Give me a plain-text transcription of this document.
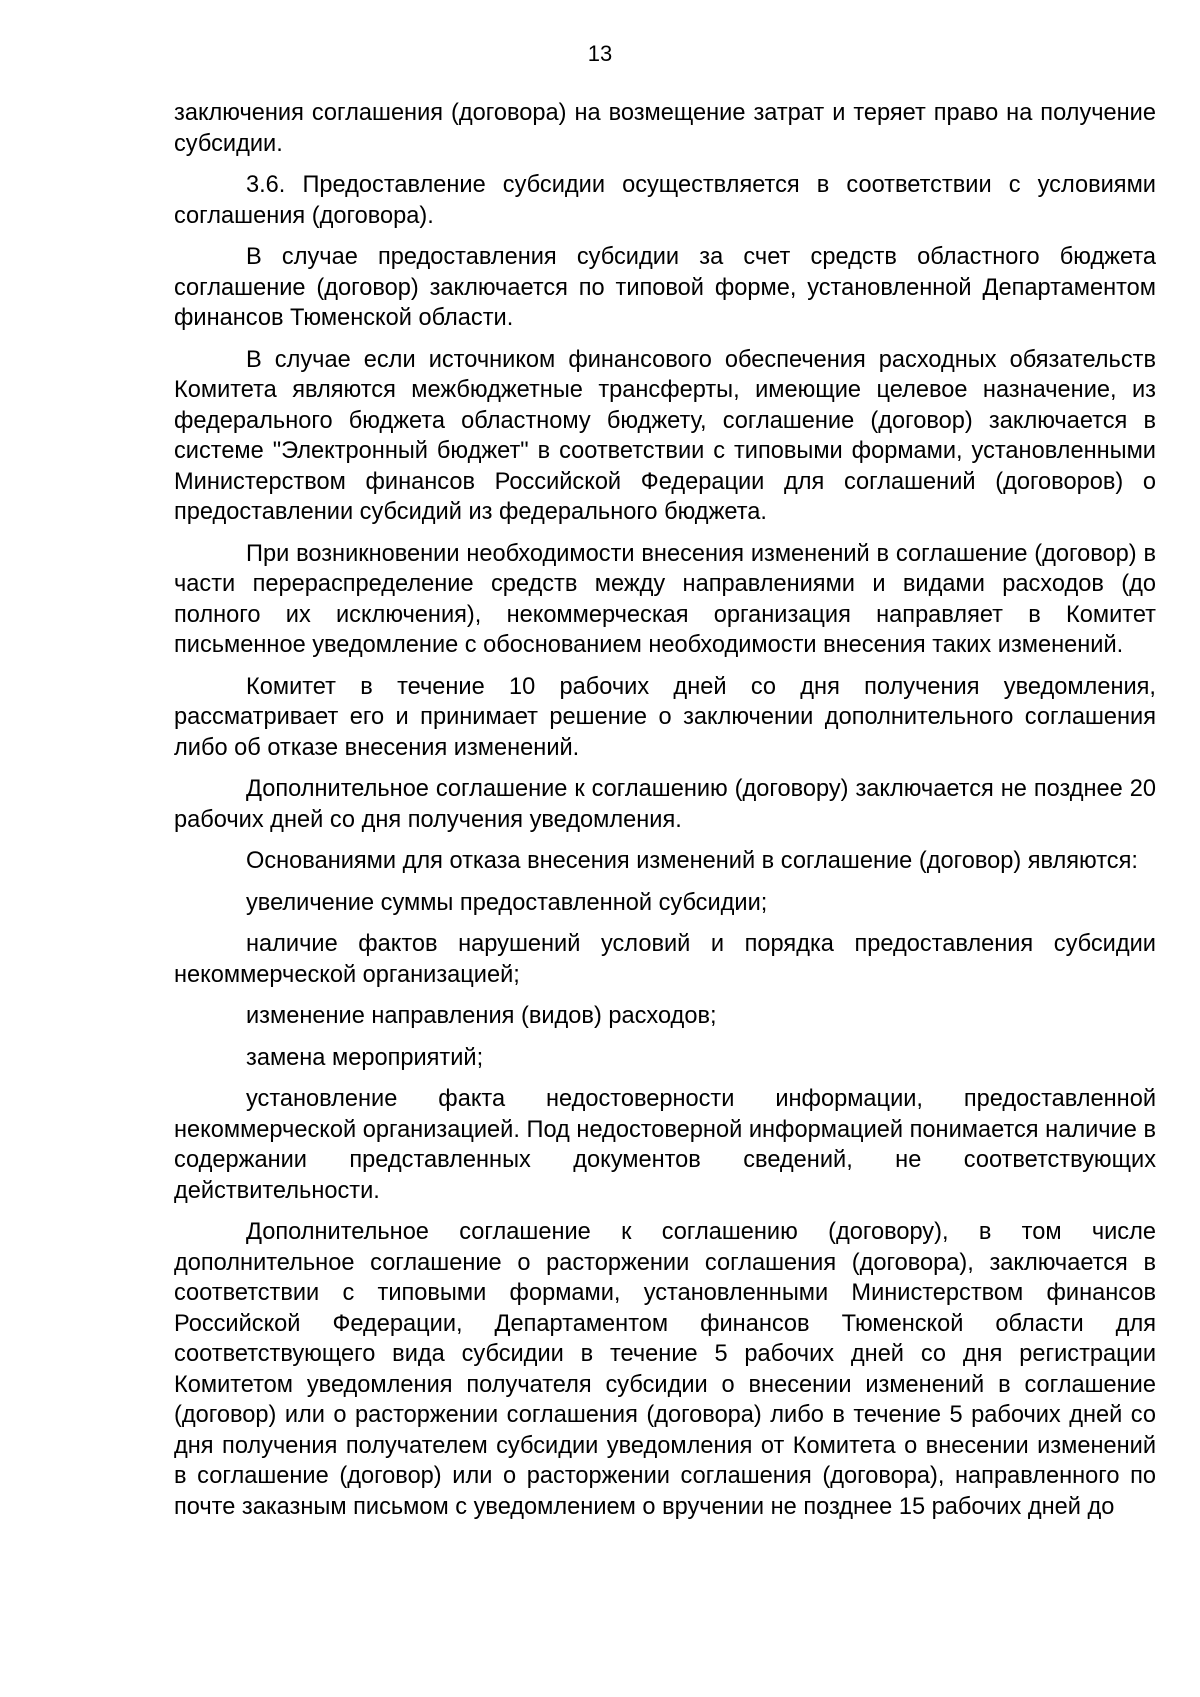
13

заключения соглашения (договора) на возмещение затрат и теряет право на получение субсидии.

3.6. Предоставление субсидии осуществляется в соответствии с условиями соглашения (договора).

В случае предоставления субсидии за счет средств областного бюджета соглашение (договор) заключается по типовой форме, установленной Департаментом финансов Тюменской области.

В случае если источником финансового обеспечения расходных обязательств Комитета являются межбюджетные трансферты, имеющие целевое назначение, из федерального бюджета областному бюджету, соглашение (договор) заключается в системе "Электронный бюджет" в соответствии с типовыми формами, установленными Министерством финансов Российской Федерации для соглашений (договоров) о предоставлении субсидий из федерального бюджета.

При возникновении необходимости внесения изменений в соглашение (договор) в части перераспределение средств между направлениями и видами расходов (до полного их исключения), некоммерческая организация направляет в Комитет письменное уведомление с обоснованием необходимости внесения таких изменений.

Комитет в течение 10 рабочих дней со дня получения уведомления, рассматривает его и принимает решение о заключении дополнительного соглашения либо об отказе внесения изменений.

Дополнительное соглашение к соглашению (договору) заключается не позднее 20 рабочих дней со дня получения уведомления.

Основаниями для отказа внесения изменений в соглашение (договор) являются:

увеличение суммы предоставленной субсидии;

наличие фактов нарушений условий и порядка предоставления субсидии некоммерческой организацией;

изменение направления (видов) расходов;

замена мероприятий;

установление факта недостоверности информации, предоставленной некоммерческой организацией. Под недостоверной информацией понимается наличие в содержании представленных документов сведений, не соответствующих действительности.

Дополнительное соглашение к соглашению (договору), в том числе дополнительное соглашение о расторжении соглашения (договора), заключается в соответствии с типовыми формами, установленными Министерством финансов Российской Федерации, Департаментом финансов Тюменской области для соответствующего вида субсидии в течение 5 рабочих дней со дня регистрации Комитетом уведомления получателя субсидии о внесении изменений в соглашение (договор) или о расторжении соглашения (договора) либо в течение 5 рабочих дней со дня получения получателем субсидии уведомления от Комитета о внесении изменений в соглашение (договор) или о расторжении соглашения (договора), направленного по почте заказным письмом с уведомлением о вручении не позднее 15 рабочих дней до
